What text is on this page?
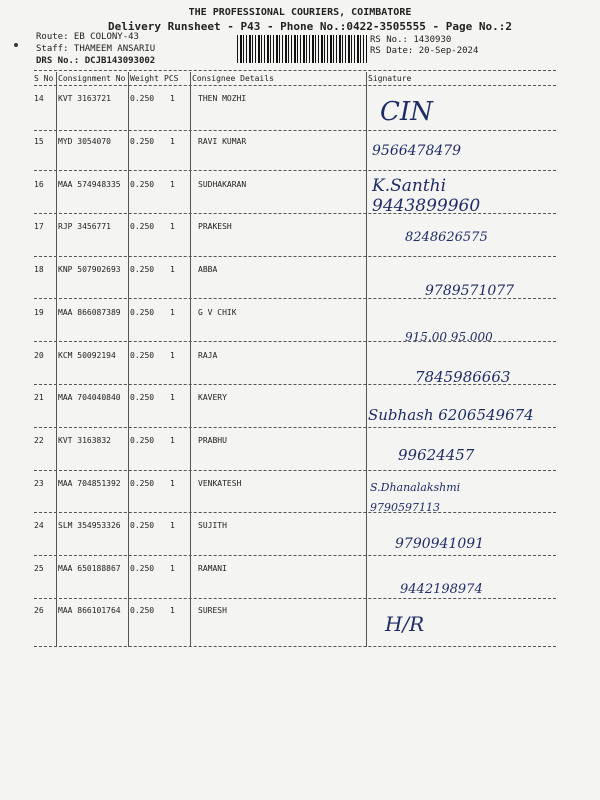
THE PROFESSIONAL COURIERS, COIMBATORE
Delivery Runsheet - P43 - Phone No.:0422-3505555 - Page No.:2
Route: EB COLONY-43
Staff: THAMEEM ANSARIU
DRS No.: DCJB143093002
RS No.: 1430930
RS Date: 20-Sep-2024
S No Consignment No Weight PCS Consignee Details	Signature
14 KVT 3163721 0.250 1	THEN MOZHI	CIN
15 MYD 3054070 0.250 1	RAVI KUMAR
9566478479
16 MAA 574948335 0.250 1	SUDHAKARAN	K.Santhi 9443899960
17 RJP 3456771 0.250 1	PRAKESH
8248626575
18 KNP 507902693 0.250 1	ABBA
9789571077
19 MAA 866087389 0.250 1	G V CHIK
915.00 95.000
20 KCM 50092194 0.250 1	RAJA
7845986663
21 MAA 704040840 0.250 1	KAVERY
Subhash 6206549674
22 KVT 3163832 0.250 1	PRABHU
99624457
23 MAA 704851392 0.250 1	VENKATESH	S.Dhanalakshmi 9790597113
24 SLM 354953326 0.250 1	SUJITH
9790941091
25 MAA 650188867 0.250 1	RAMANI
9442198974
26 MAA 866101764 0.250 1	SURESH
H/R
